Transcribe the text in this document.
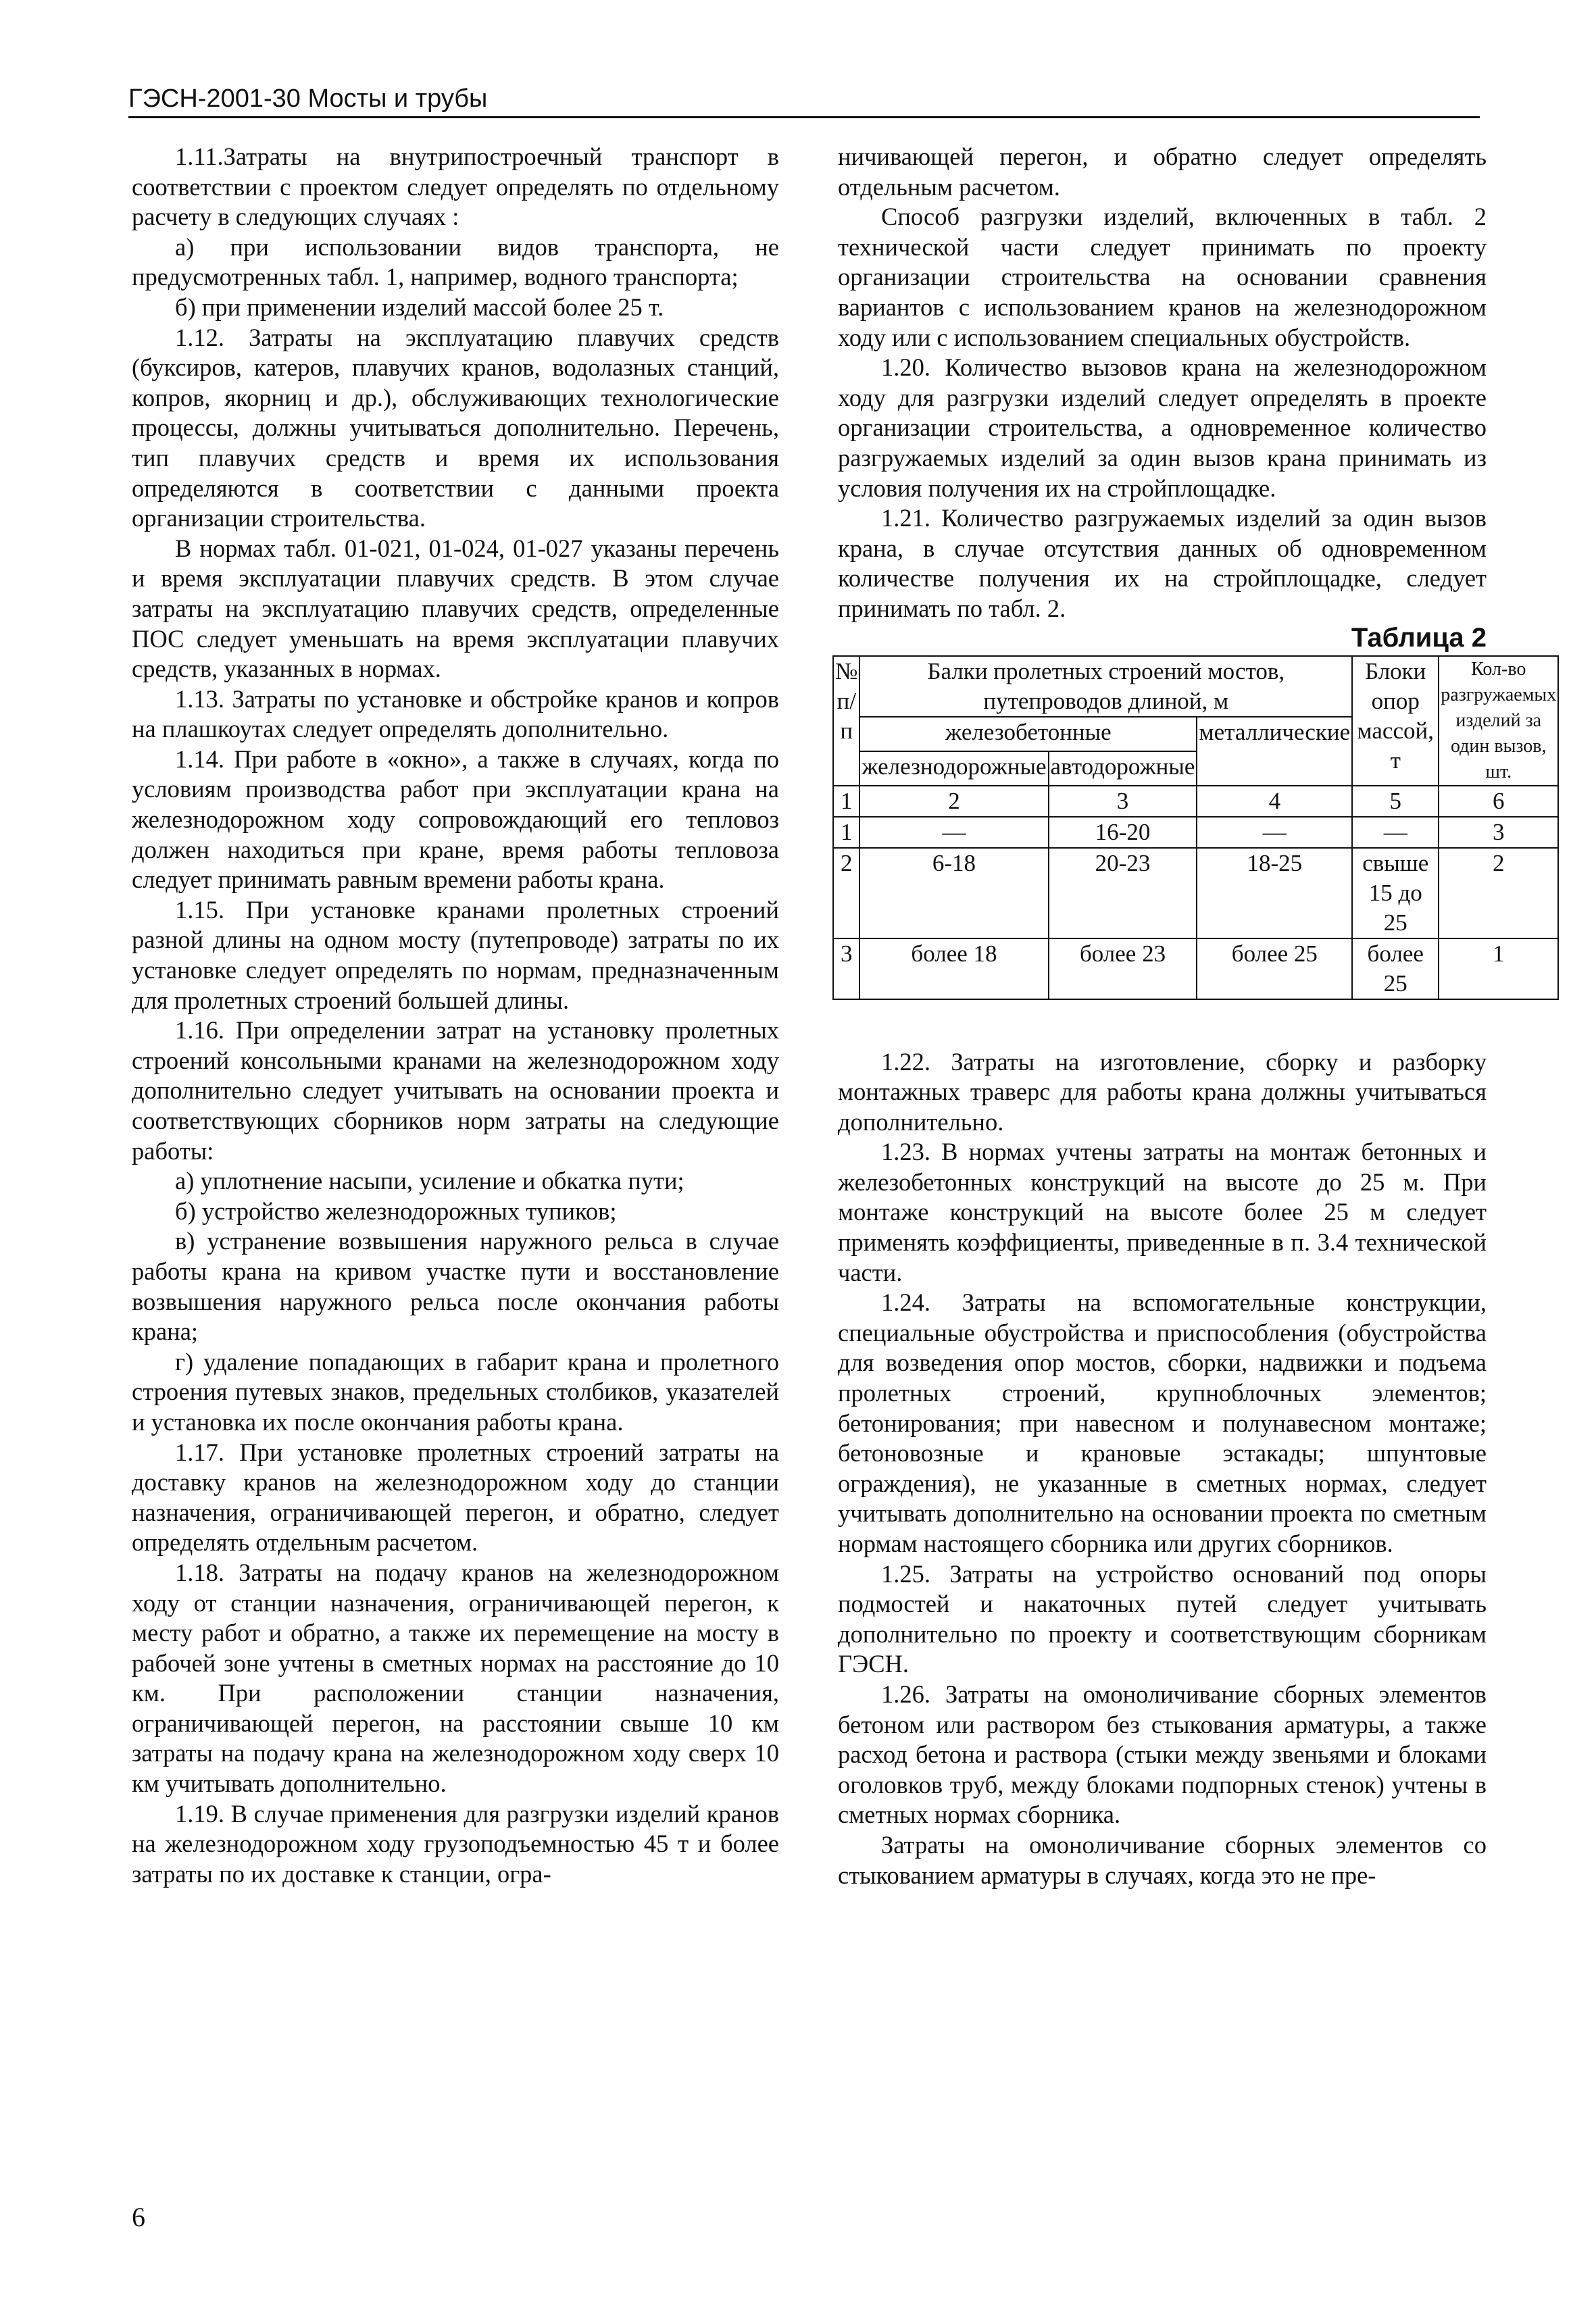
ГЭСН-2001-30 Мосты и трубы

1.11.Затраты на внутрипостроечный транспорт в соответствии с проектом следует определять по отдельному расчету в следующих случаях :

а) при использовании видов транспорта, не предусмотренных табл. 1, например, водного транспорта;

б) при применении изделий массой более 25 т.

1.12. Затраты на эксплуатацию плавучих средств (буксиров, катеров, плавучих кранов, водолазных станций, копров, якорниц и др.), обслуживающих технологические процессы, должны учитываться дополнительно. Перечень, тип плавучих средств и время их использования определяются в соответствии с данными проекта организации строительства.

В нормах табл. 01-021, 01-024, 01-027 указаны перечень и время эксплуатации плавучих средств. В этом случае затраты на эксплуатацию плавучих средств, определенные ПОС следует уменьшать на время эксплуатации плавучих средств, указанных в нормах.

1.13. Затраты по установке и обстройке кранов и копров на плашкоутах следует определять дополнительно.

1.14. При работе в «окно», а также в случаях, когда по условиям производства работ при эксплуатации крана на железнодорожном ходу сопровождающий его тепловоз должен находиться при кране, время работы тепловоза следует принимать равным времени работы крана.

1.15. При установке кранами пролетных строений разной длины на одном мосту (путепроводе) затраты по их установке следует определять по нормам, предназначенным для пролетных строений большей длины.

1.16. При определении затрат на установку пролетных строений консольными кранами на железнодорожном ходу дополнительно следует учитывать на основании проекта и соответствующих сборников норм затраты на следующие работы:

а) уплотнение насыпи, усиление и обкатка пути;

б) устройство железнодорожных тупиков;

в) устранение возвышения наружного рельса в случае работы крана на кривом участке пути и восстановление возвышения наружного рельса после окончания работы крана;

г) удаление попадающих в габарит крана и пролетного строения путевых знаков, предельных столбиков, указателей и установка их после окончания работы крана.

1.17. При установке пролетных строений затраты на доставку кранов на железнодорожном ходу до станции назначения, ограничивающей перегон, и обратно, следует определять отдельным расчетом.

1.18. Затраты на подачу кранов на железнодорожном ходу от станции назначения, ограничивающей перегон, к месту работ и обратно, а также их перемещение на мосту в рабочей зоне учтены в сметных нормах на расстояние до 10 км. При расположении станции назначения, ограничивающей перегон, на расстоянии свыше 10 км затраты на подачу крана на железнодорожном ходу сверх 10 км учитывать дополнительно.

1.19. В случае применения для разгрузки изделий кранов на железнодорожном ходу грузоподъемностью 45 т и более затраты по их доставке к станции, огра-

ничивающей перегон, и обратно следует определять отдельным расчетом.

Способ разгрузки изделий, включенных в табл. 2 технической части следует принимать по проекту организации строительства на основании сравнения вариантов с использованием кранов на железнодорожном ходу или с использованием специальных обустройств.

1.20. Количество вызовов крана на железнодорожном ходу для разгрузки изделий следует определять в проекте организации строительства, а одновременное количество разгружаемых изделий за один вызов крана принимать из условия получения их на стройплощадке.

1.21. Количество разгружаемых изделий за один вызов крана, в случае отсутствия данных об одновременном количестве получения их на стройплощадке, следует принимать по табл. 2.

Таблица 2

№ п/п	Балки пролетных строений мостов, путепроводов длиной, м			Блоки опор массой, т	Кол-во разгружаемых изделий за один вызов, шт.
	железобетонные		металлические		
	железнодорожные	автодорожные			

1	2	3	4	5	6
1	—	16-20	—	—	3
2	6-18	20-23	18-25	свыше 15 до 25	2
3	более 18	более 23	более 25	более 25	1

1.22. Затраты на изготовление, сборку и разборку монтажных траверс для работы крана должны учитываться дополнительно.

1.23. В нормах учтены затраты на монтаж бетонных и железобетонных конструкций на высоте до 25 м. При монтаже конструкций на высоте более 25 м следует применять коэффициенты, приведенные в п. 3.4 технической части.

1.24. Затраты на вспомогательные конструкции, специальные обустройства и приспособления (обустройства для возведения опор мостов, сборки, надвижки и подъема пролетных строений, крупноблочных элементов; бетонирования; при навесном и полунавесном монтаже; бетоновозные и крановые эстакады; шпунтовые ограждения), не указанные в сметных нормах, следует учитывать дополнительно на основании проекта по сметным нормам настоящего сборника или других сборников.

1.25. Затраты на устройство оснований под опоры подмостей и накаточных путей следует учитывать дополнительно по проекту и соответствующим сборникам ГЭСН.

1.26. Затраты на омоноличивание сборных элементов бетоном или раствором без стыкования арматуры, а также расход бетона и раствора (стыки между звеньями и блоками оголовков труб, между блоками подпорных стенок) учтены в сметных нормах сборника.

Затраты на омоноличивание сборных элементов со стыкованием арматуры в случаях, когда это не пре-

6
